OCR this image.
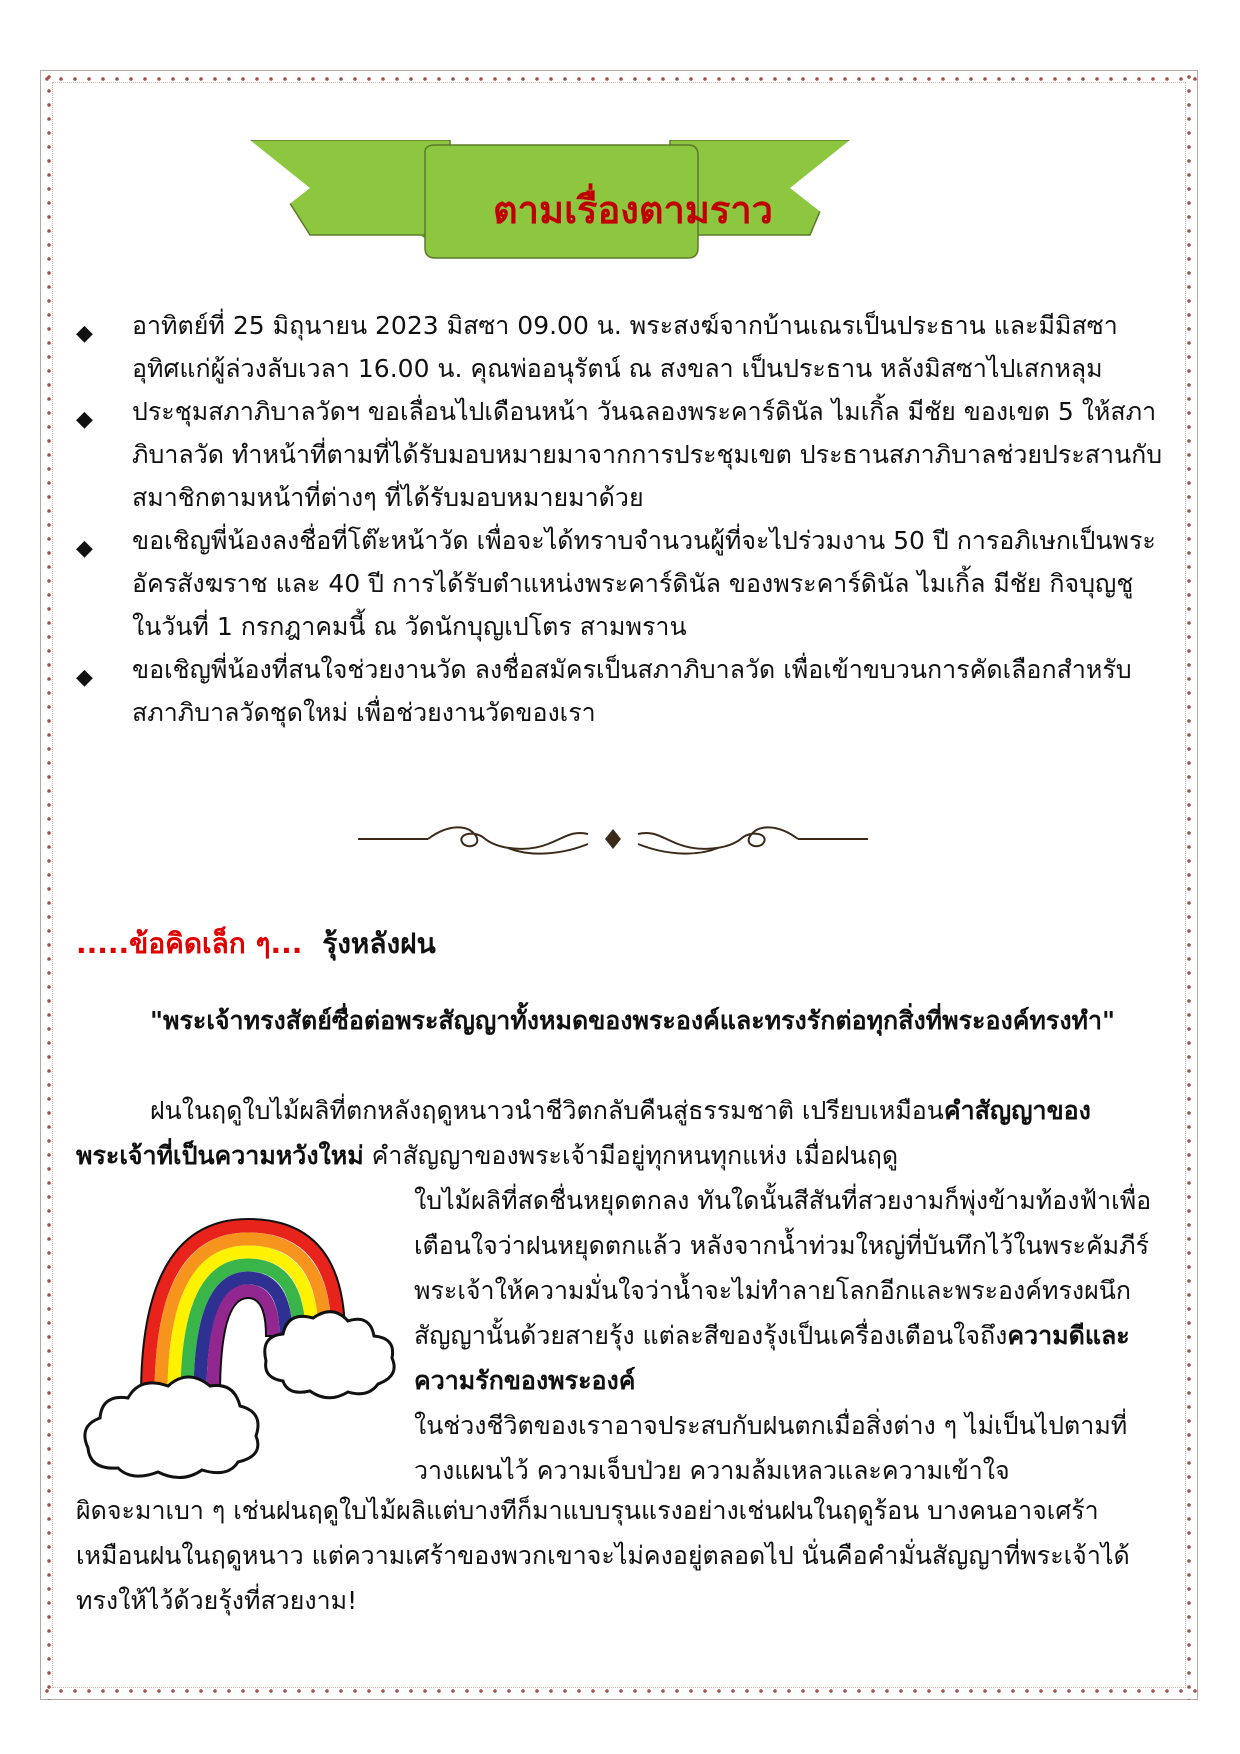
ตามเรื่องตามราว
◆ อาทิตย์ที่ 25 มิถุนายน 2023 มิสซา 09.00 น. พระสงฆ์จากบ้านเณรเป็นประธาน และมีมิสซา อุทิศแก่ผู้ล่วงลับเวลา 16.00 น. คุณพ่ออนุรัตน์ ณ สงขลา เป็นประธาน หลังมิสซาไปเสกหลุม
◆ ประชุมสภาภิบาลวัดฯ ขอเลื่อนไปเดือนหน้า วันฉลองพระคาร์ดินัล ไมเกิ้ล มีชัย ของเขต 5 ให้สภาภิบาลวัด ทำหน้าที่ตามที่ได้รับมอบหมายมาจากการประชุมเขต ประธานสภาภิบาลช่วยประสานกับสมาชิกตามหน้าที่ต่างๆ ที่ได้รับมอบหมายมาด้วย
◆ ขอเชิญพี่น้องลงชื่อที่โต๊ะหน้าวัด เพื่อจะได้ทราบจำนวนผู้ที่จะไปร่วมงาน 50 ปี การอภิเษกเป็นพระอัครสังฆราช และ 40 ปี การได้รับตำแหน่งพระคาร์ดินัล ของพระคาร์ดินัล ไมเกิ้ล มีชัย กิจบุญชู ในวันที่ 1 กรกฎาคมนี้ ณ วัดนักบุญเปโตร สามพราน
◆ ขอเชิญพี่น้องที่สนใจช่วยงานวัด ลงชื่อสมัครเป็นสภาภิบาลวัด เพื่อเข้าขบวนการคัดเลือกสำหรับสภาภิบาลวัดชุดใหม่ เพื่อช่วยงานวัดของเรา
.....ข้อคิดเล็ก ๆ... รุ้งหลังฝน
"พระเจ้าทรงสัตย์ซื่อต่อพระสัญญาทั้งหมดของพระองค์และทรงรักต่อทุกสิ่งที่พระองค์ทรงทำ"
ฝนในฤดูใบไม้ผลิที่ตกหลังฤดูหนาวนำชีวิตกลับคืนสู่ธรรมชาติ เปรียบเหมือนคำสัญญาของพระเจ้าที่เป็นความหวังใหม่ คำสัญญาของพระเจ้ามีอยู่ทุกหนทุกแห่ง เมื่อฝนฤดู
ใบไม้ผลิที่สดชื่นหยุดตกลง ทันใดนั้นสีสันที่สวยงามก็พุ่งข้ามท้องฟ้าเพื่อเตือนใจว่าฝนหยุดตกแล้ว หลังจากน้ำท่วมใหญ่ที่บันทึกไว้ในพระคัมภีร์ พระเจ้าให้ความมั่นใจว่าน้ำจะไม่ทำลายโลกอีกและพระองค์ทรงผนึกสัญญานั้นด้วยสายรุ้ง แต่ละสีของรุ้งเป็นเครื่องเตือนใจถึงความดีและความรักของพระองค์
ในช่วงชีวิตของเราอาจประสบกับฝนตกเมื่อสิ่งต่าง ๆ ไม่เป็นไปตามที่วางแผนไว้ ความเจ็บป่วย ความล้มเหลวและความเข้าใจ
ผิดจะมาเบา ๆ เช่นฝนฤดูใบไม้ผลิแต่บางทีก็มาแบบรุนแรงอย่างเช่นฝนในฤดูร้อน บางคนอาจเศร้าเหมือนฝนในฤดูหนาว แต่ความเศร้าของพวกเขาจะไม่คงอยู่ตลอดไป นั่นคือคำมั่นสัญญาที่พระเจ้าได้ทรงให้ไว้ด้วยรุ้งที่สวยงาม!
